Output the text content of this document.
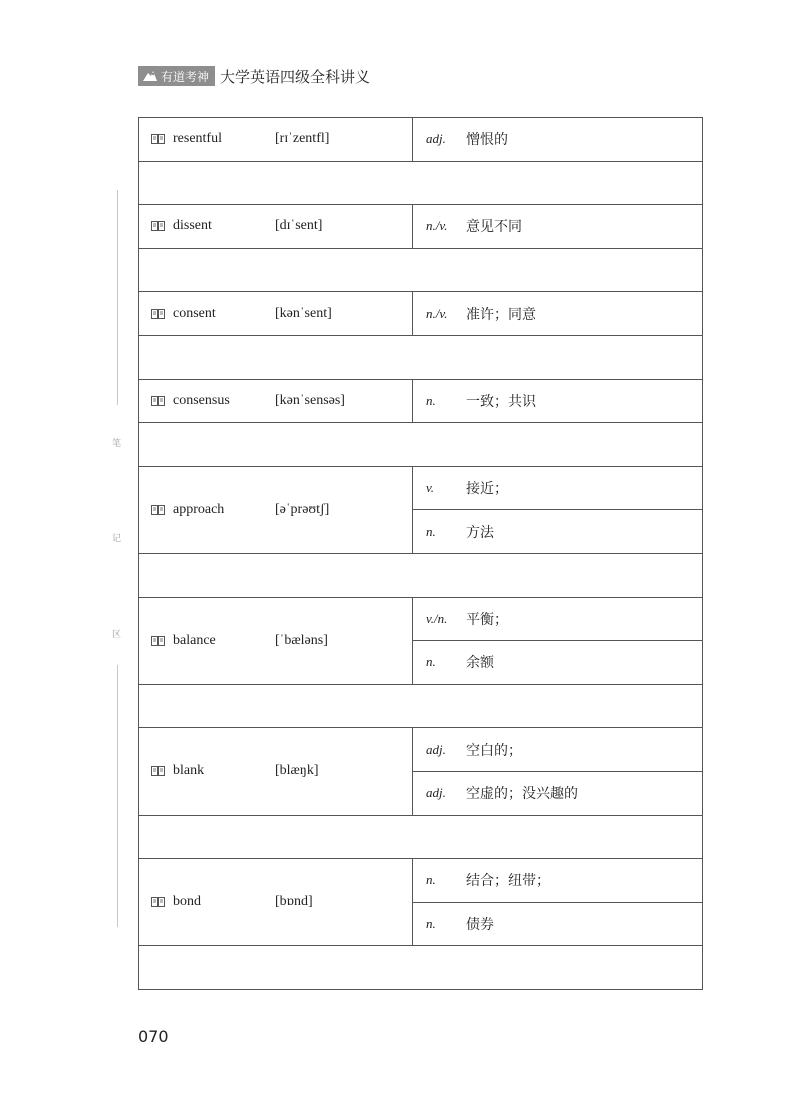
有道考神 大学英语四级全科讲义
笔
记
区
resentful [rɪˈzentfl]	adj. 憎恨的

dissent [dɪˈsent]	n./v. 意见不同

consent [kənˈsent]	n./v. 准许；同意

consensus [kənˈsensəs]	n. 一致；共识

approach [əˈprəʊtʃ]	v. 接近；

	n. 方法

balance [ˈbæləns]	v./n. 平衡；

	n. 余额

blank [blæŋk]	adj. 空白的；

	adj. 空虚的；没兴趣的

bond [bɒnd]	n. 结合；纽带；

	n. 债券

070
